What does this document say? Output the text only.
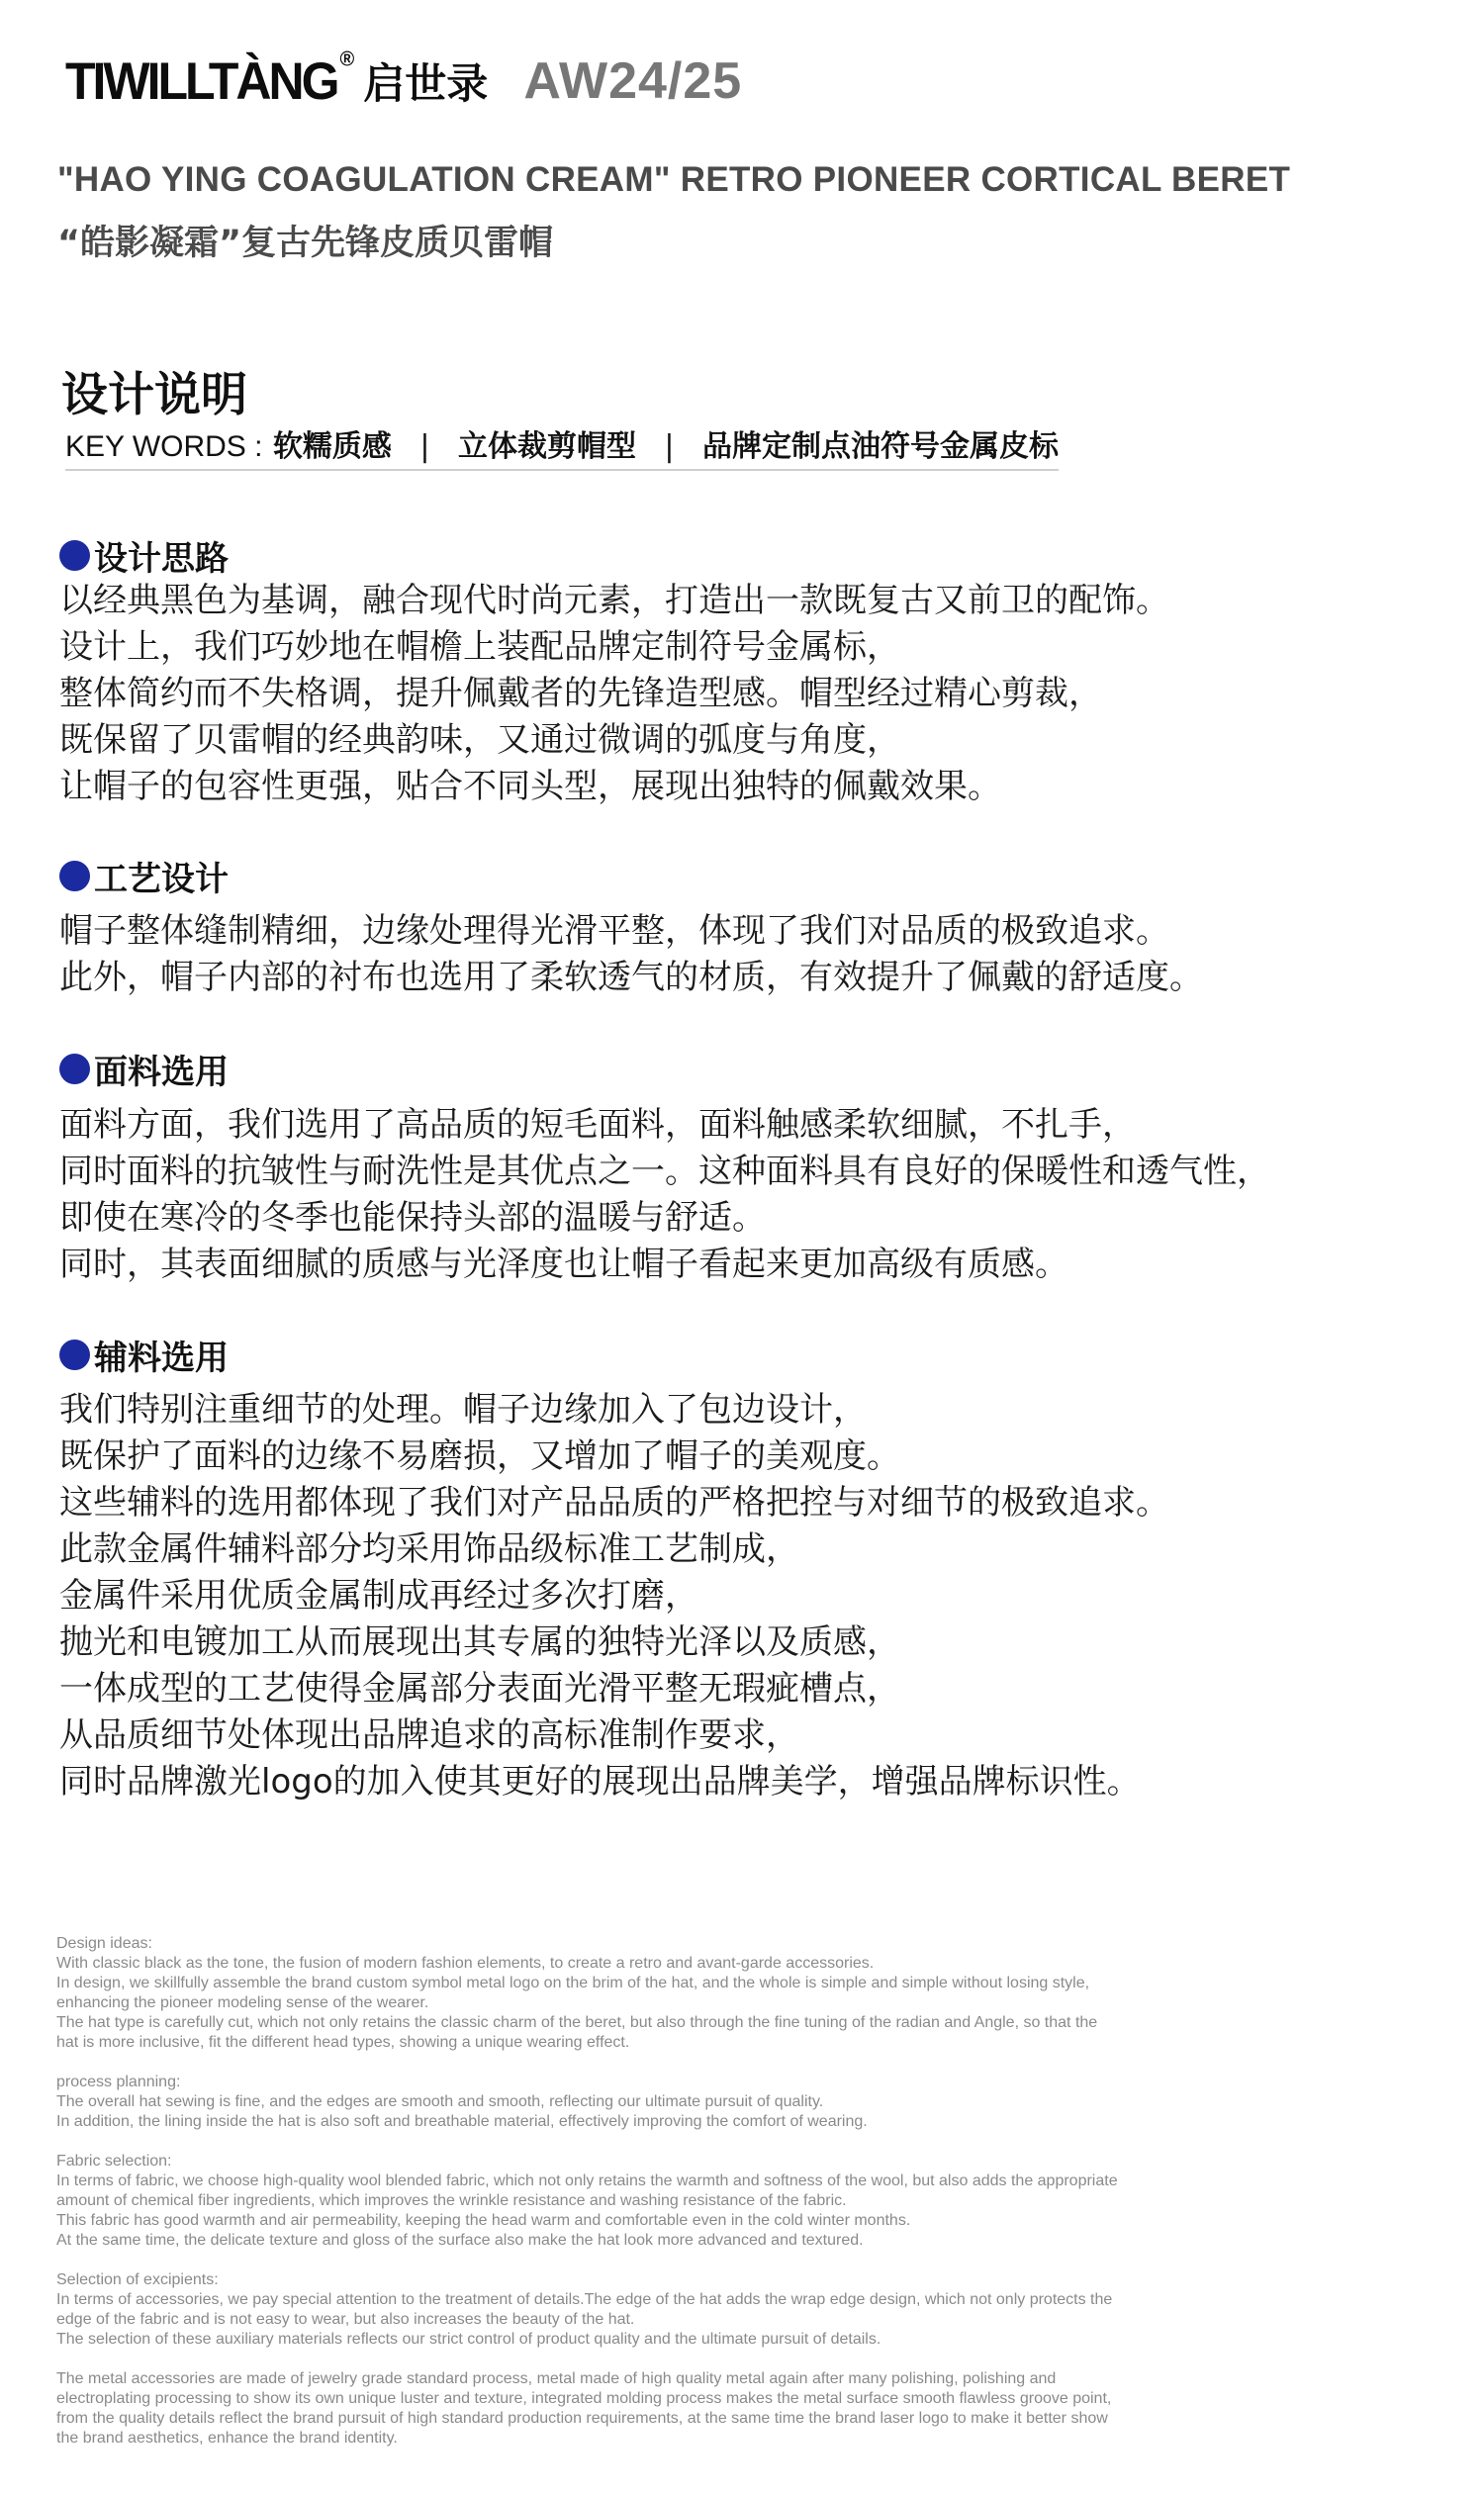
TIWILLTÀNG ® 启世录 AW24/25
"HAO YING COAGULATION CREAM" RETRO PIONEER CORTICAL BERET
“皓影凝霜”复古先锋皮质贝雷帽
设计说明
KEY WORDS : 软糯质感 | 立体裁剪帽型 | 品牌定制点油符号金属皮标
设计思路
以经典黑色为基调，融合现代时尚元素，打造出一款既复古又前卫的配饰。
设计上，我们巧妙地在帽檐上装配品牌定制符号金属标，
整体简约而不失格调，提升佩戴者的先锋造型感。帽型经过精心剪裁，
既保留了贝雷帽的经典韵味，又通过微调的弧度与角度，
让帽子的包容性更强，贴合不同头型，展现出独特的佩戴效果。
工艺设计
帽子整体缝制精细，边缘处理得光滑平整，体现了我们对品质的极致追求。
此外，帽子内部的衬布也选用了柔软透气的材质，有效提升了佩戴的舒适度。
面料选用
面料方面，我们选用了高品质的短毛面料，面料触感柔软细腻，不扎手，
同时面料的抗皱性与耐洗性是其优点之一。这种面料具有良好的保暖性和透气性，
即使在寒冷的冬季也能保持头部的温暖与舒适。
同时，其表面细腻的质感与光泽度也让帽子看起来更加高级有质感。
辅料选用
我们特别注重细节的处理。帽子边缘加入了包边设计，
既保护了面料的边缘不易磨损，又增加了帽子的美观度。
这些辅料的选用都体现了我们对产品品质的严格把控与对细节的极致追求。
此款金属件辅料部分均采用饰品级标准工艺制成，
金属件采用优质金属制成再经过多次打磨，
抛光和电镀加工从而展现出其专属的独特光泽以及质感，
一体成型的工艺使得金属部分表面光滑平整无瑕疵槽点，
从品质细节处体现出品牌追求的高标准制作要求，
同时品牌激光logo的加入使其更好的展现出品牌美学，增强品牌标识性。
Design ideas:
With classic black as the tone, the fusion of modern fashion elements, to create a retro and avant-garde accessories.
In design, we skillfully assemble the brand custom symbol metal logo on the brim of the hat, and the whole is simple and simple without losing style,
enhancing the pioneer modeling sense of the wearer.
The hat type is carefully cut, which not only retains the classic charm of the beret, but also through the fine tuning of the radian and Angle, so that the
hat is more inclusive, fit the different head types, showing a unique wearing effect.
process planning:
The overall hat sewing is fine, and the edges are smooth and smooth, reflecting our ultimate pursuit of quality.
In addition, the lining inside the hat is also soft and breathable material, effectively improving the comfort of wearing.
Fabric selection:
In terms of fabric, we choose high-quality wool blended fabric, which not only retains the warmth and softness of the wool, but also adds the appropriate
amount of chemical fiber ingredients, which improves the wrinkle resistance and washing resistance of the fabric.
This fabric has good warmth and air permeability, keeping the head warm and comfortable even in the cold winter months.
At the same time, the delicate texture and gloss of the surface also make the hat look more advanced and textured.
Selection of excipients:
In terms of accessories, we pay special attention to the treatment of details.The edge of the hat adds the wrap edge design, which not only protects the
edge of the fabric and is not easy to wear, but also increases the beauty of the hat.
The selection of these auxiliary materials reflects our strict control of product quality and the ultimate pursuit of details.
The metal accessories are made of jewelry grade standard process, metal made of high quality metal again after many polishing, polishing and
electroplating processing to show its own unique luster and texture, integrated molding process makes the metal surface smooth flawless groove point,
from the quality details reflect the brand pursuit of high standard production requirements, at the same time the brand laser logo to make it better show
the brand aesthetics, enhance the brand identity.
